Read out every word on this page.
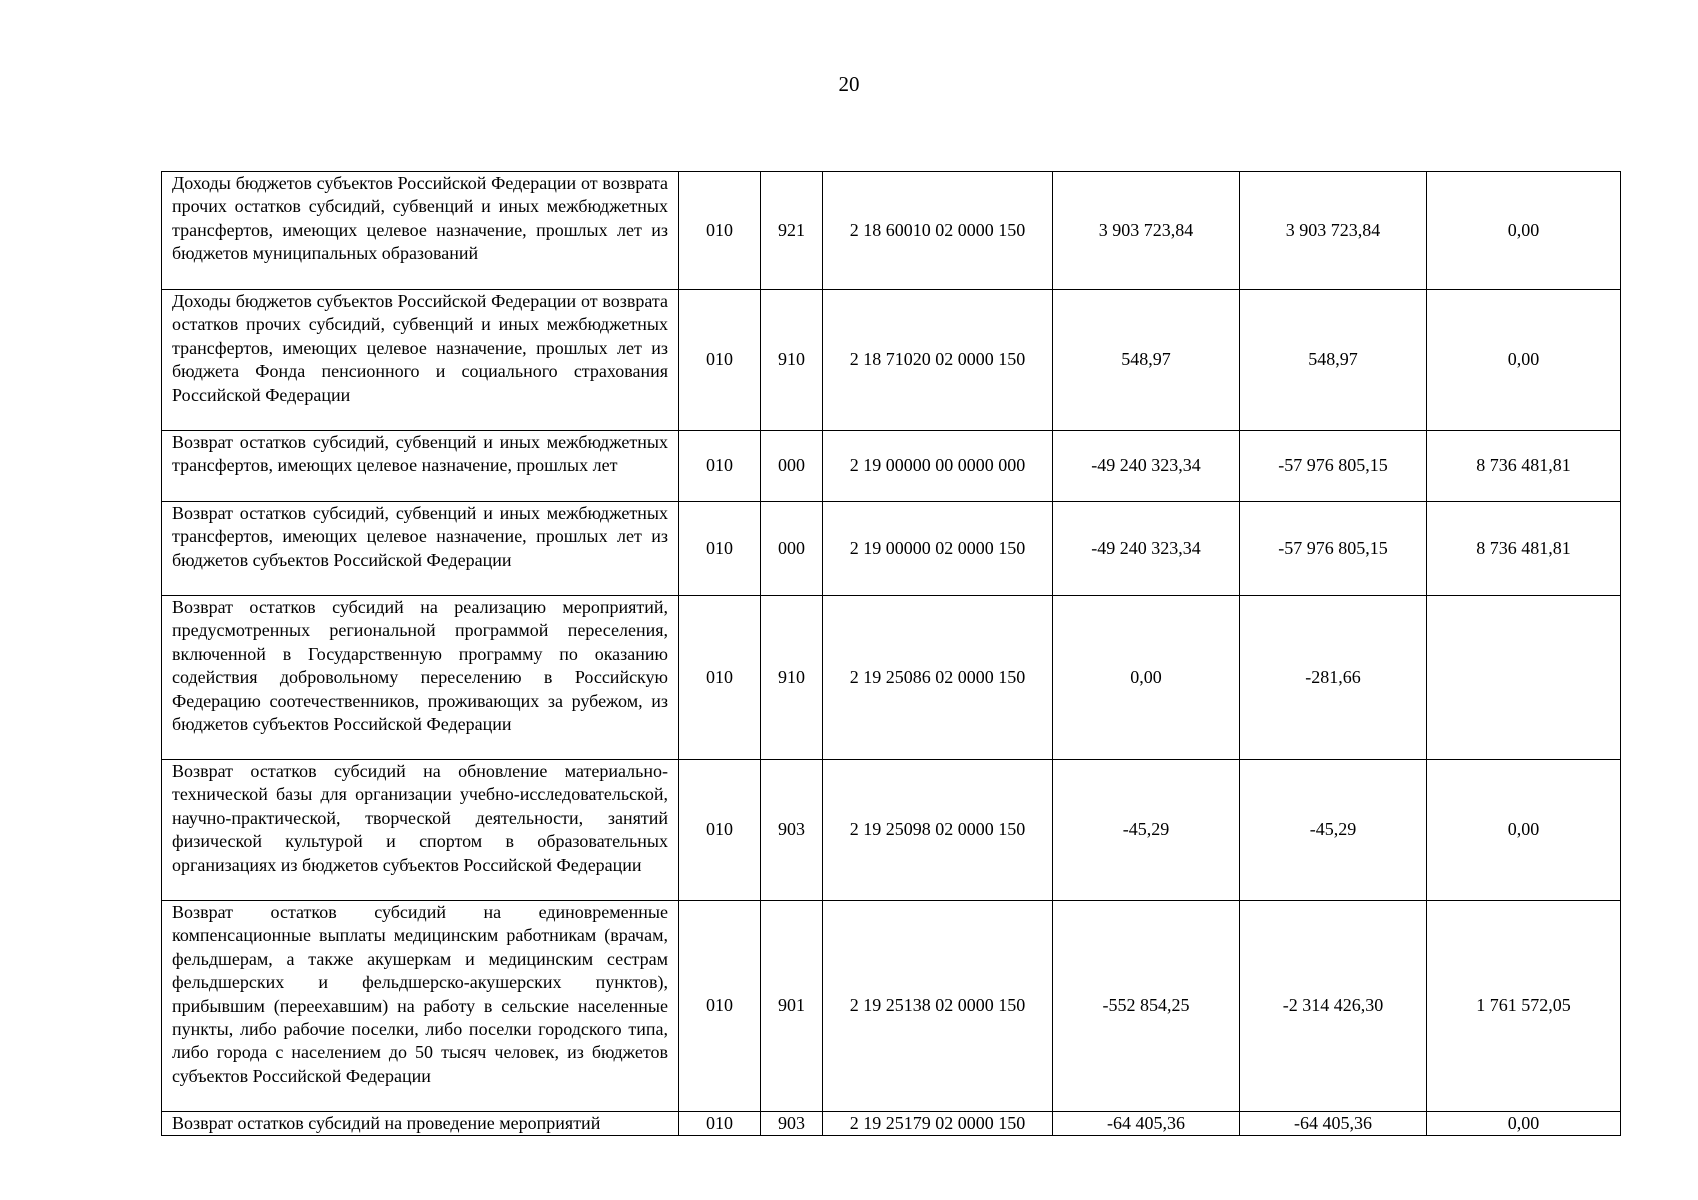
20
Доходы бюджетов субъектов Российской Федерации от возврата прочих остатков субсидий, субвенций и иных межбюджетных трансфертов, имеющих целевое назначение, прошлых лет из бюджетов муниципальных образований	010	921	2 18 60010 02 0000 150	3 903 723,84	3 903 723,84	0,00

Доходы бюджетов субъектов Российской Федерации от возврата остатков прочих субсидий, субвенций и иных межбюджетных трансфертов, имеющих целевое назначение, прошлых лет из бюджета Фонда пенсионного и социального страхования Российской Федерации	010	910	2 18 71020 02 0000 150	548,97	548,97	0,00

Возврат остатков субсидий, субвенций и иных межбюджетных трансфертов, имеющих целевое назначение, прошлых лет	010	000	2 19 00000 00 0000 000	-49 240 323,34	-57 976 805,15	8 736 481,81

Возврат остатков субсидий, субвенций и иных межбюджетных трансфертов, имеющих целевое назначение, прошлых лет из бюджетов субъектов Российской Федерации	010	000	2 19 00000 02 0000 150	-49 240 323,34	-57 976 805,15	8 736 481,81

Возврат остатков субсидий на реализацию мероприятий, предусмотренных региональной программой переселения, включенной в Государственную программу по оказанию содействия добровольному переселению в Российскую Федерацию соотечественников, проживающих за рубежом, из бюджетов субъектов Российской Федерации	010	910	2 19 25086 02 0000 150	0,00	-281,66	

Возврат остатков субсидий на обновление материально-технической базы для организации учебно-исследовательской, научно-практической, творческой деятельности, занятий физической культурой и спортом в образовательных организациях из бюджетов субъектов Российской Федерации	010	903	2 19 25098 02 0000 150	-45,29	-45,29	0,00

Возврат остатков субсидий на единовременные компенсационные выплаты медицинским работникам (врачам, фельдшерам, а также акушеркам и медицинским сестрам фельдшерских и фельдшерско-акушерских пунктов), прибывшим (переехавшим) на работу в сельские населенные пункты, либо рабочие поселки, либо поселки городского типа, либо города с населением до 50 тысяч человек, из бюджетов субъектов Российской Федерации	010	901	2 19 25138 02 0000 150	-552 854,25	-2 314 426,30	1 761 572,05

Возврат остатков субсидий на проведение мероприятий	010	903	2 19 25179 02 0000 150	-64 405,36	-64 405,36	0,00
